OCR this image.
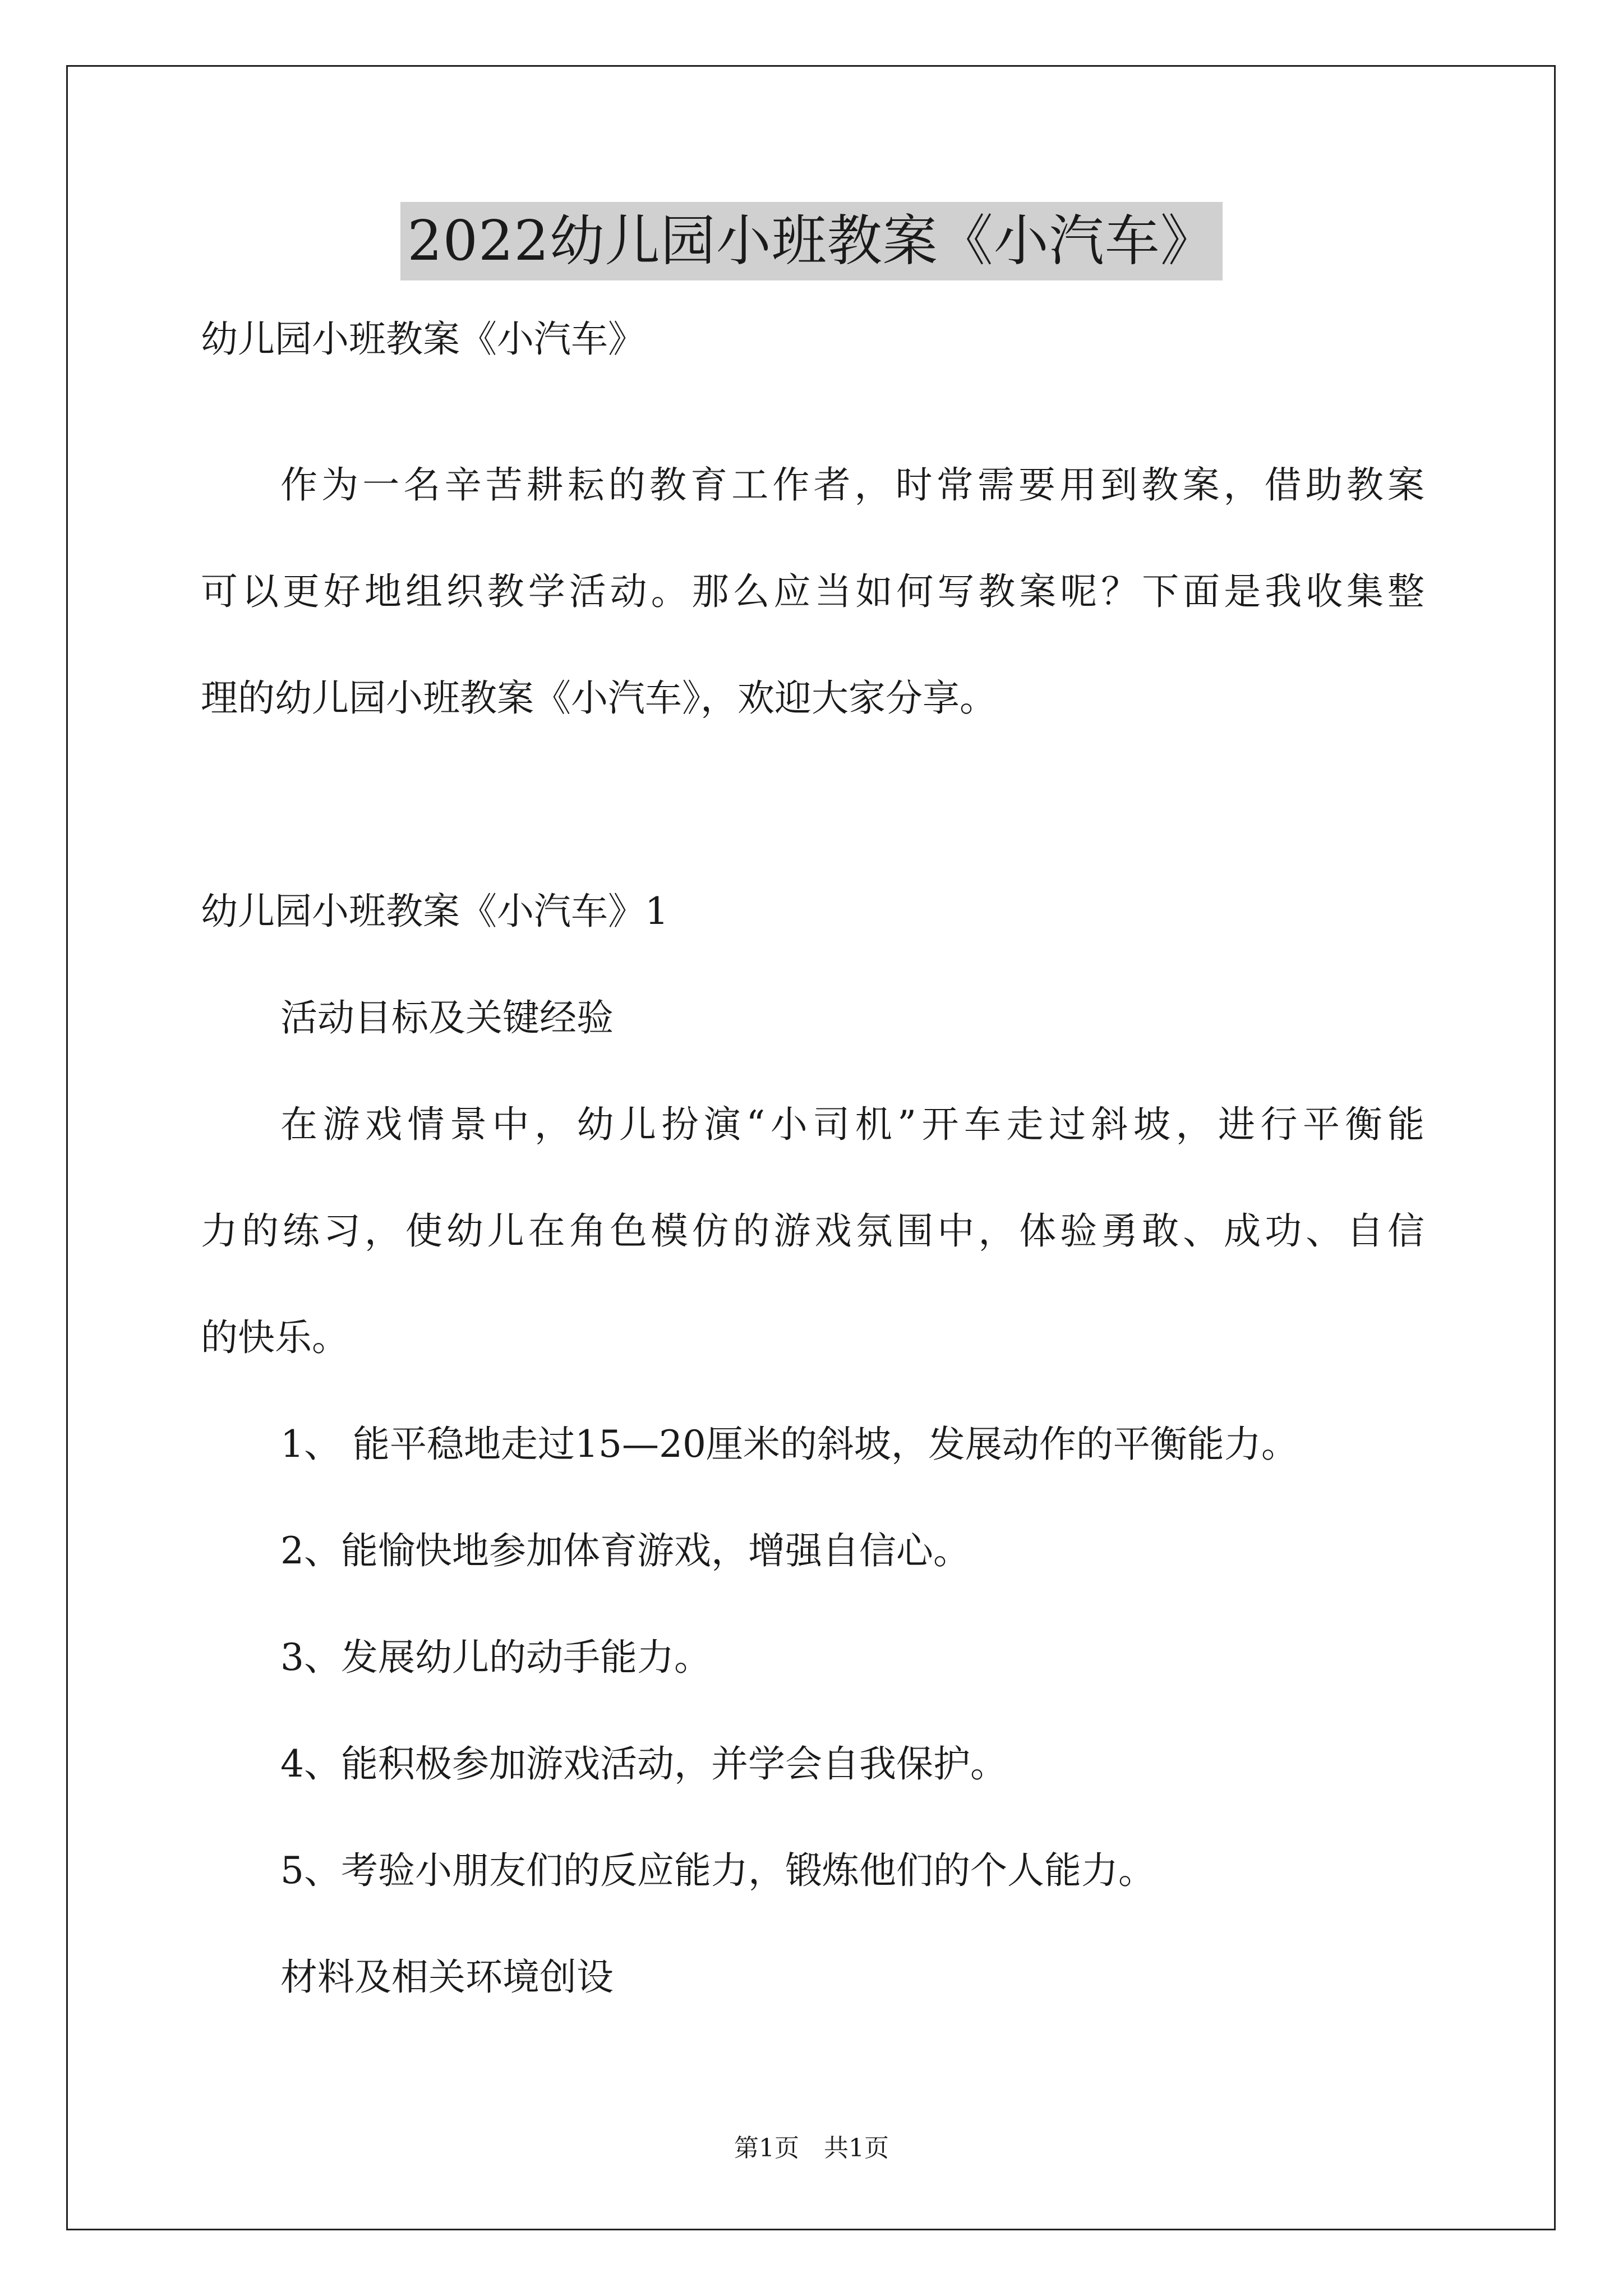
2022幼儿园小班教案《小汽车》
幼儿园小班教案《小汽车》
作为一名辛苦耕耘的教育工作者，时常需要用到教案，借助教案
可以更好地组织教学活动。那么应当如何写教案呢？下面是我收集整
理的幼儿园小班教案《小汽车》，欢迎大家分享。
幼儿园小班教案《小汽车》1
活动目标及关键经验
在游戏情景中，幼儿扮演“小司机”开车走过斜坡，进行平衡能
力的练习，使幼儿在角色模仿的游戏氛围中，体验勇敢、成功、自信
的快乐。
1、 能平稳地走过15—20厘米的斜坡，发展动作的平衡能力。
2、能愉快地参加体育游戏，增强自信心。
3、发展幼儿的动手能力。
4、能积极参加游戏活动，并学会自我保护。
5、考验小朋友们的反应能力，锻炼他们的个人能力。
材料及相关环境创设
第1页　共1页
